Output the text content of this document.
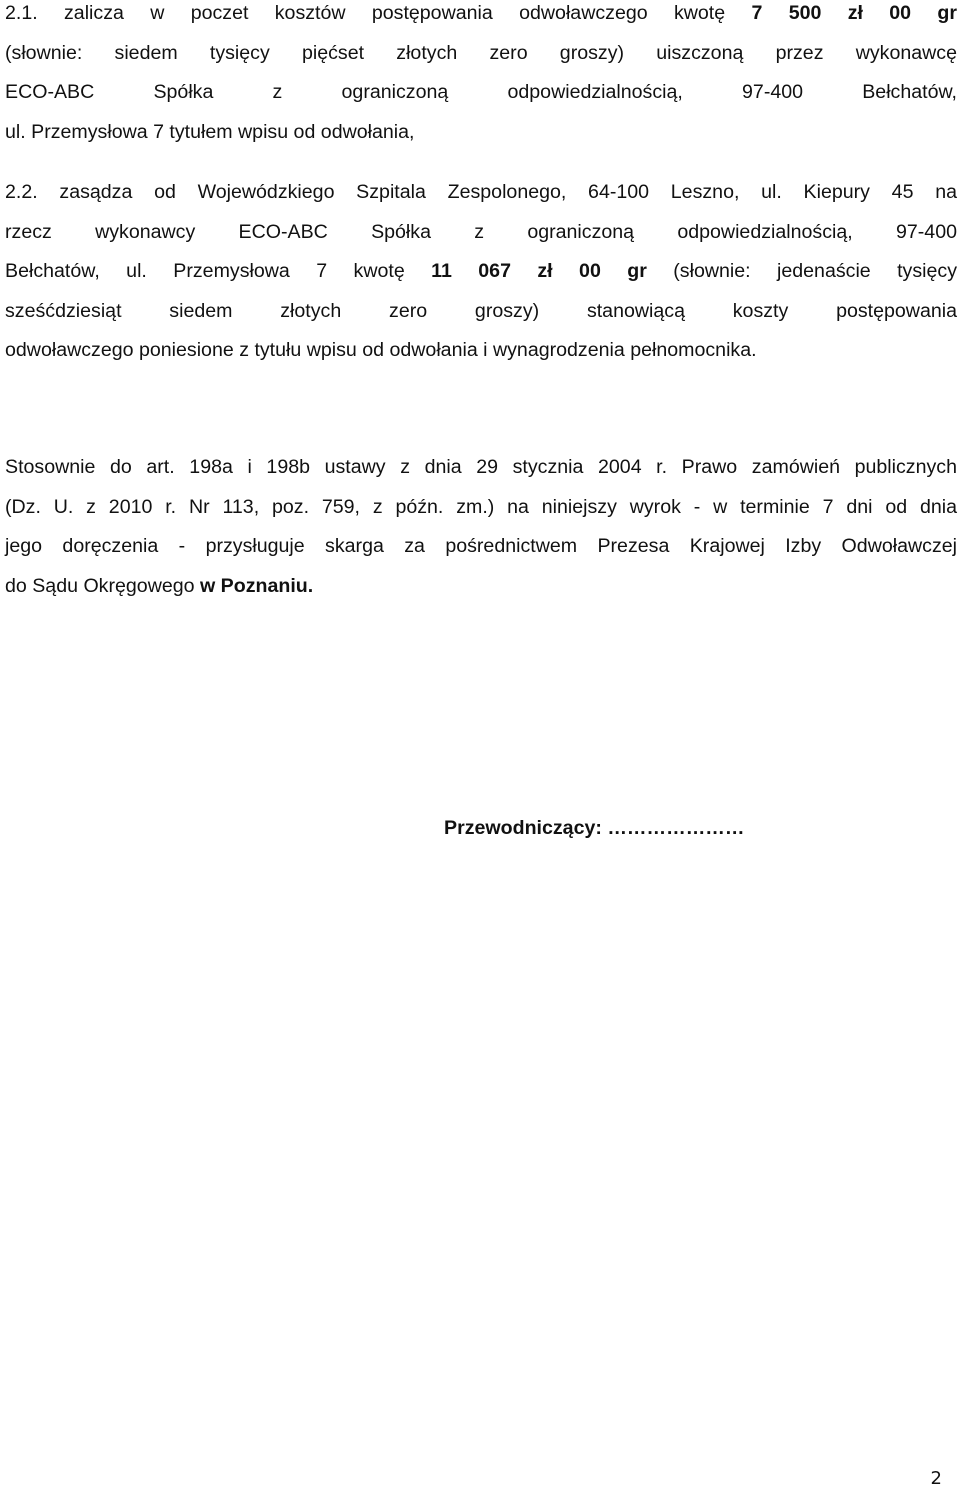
2.1. zalicza w poczet kosztów postępowania odwoławczego kwotę 7 500 zł 00 gr
(słownie: siedem tysięcy pięćset złotych zero groszy) uiszczoną przez wykonawcę
ECO-ABC Spółka z ograniczoną odpowiedzialnością, 97-400 Bełchatów,
ul. Przemysłowa 7 tytułem wpisu od odwołania,
2.2. zasądza od Wojewódzkiego Szpitala Zespolonego, 64-100 Leszno, ul. Kiepury 45 na
rzecz wykonawcy ECO-ABC Spółka z ograniczoną odpowiedzialnością, 97-400
Bełchatów, ul. Przemysłowa 7 kwotę 11 067 zł 00 gr (słownie: jedenaście tysięcy
sześćdziesiąt siedem złotych zero groszy) stanowiącą koszty postępowania
odwoławczego poniesione z tytułu wpisu od odwołania i wynagrodzenia pełnomocnika.
Stosownie do art. 198a i 198b ustawy z dnia 29 stycznia 2004 r. Prawo zamówień publicznych
(Dz. U. z 2010 r. Nr 113, poz. 759, z późn. zm.) na niniejszy wyrok - w terminie 7 dni od dnia
jego doręczenia - przysługuje skarga za pośrednictwem Prezesa Krajowej Izby Odwoławczej
do Sądu Okręgowego w Poznaniu.
Przewodniczący: …………………
2
